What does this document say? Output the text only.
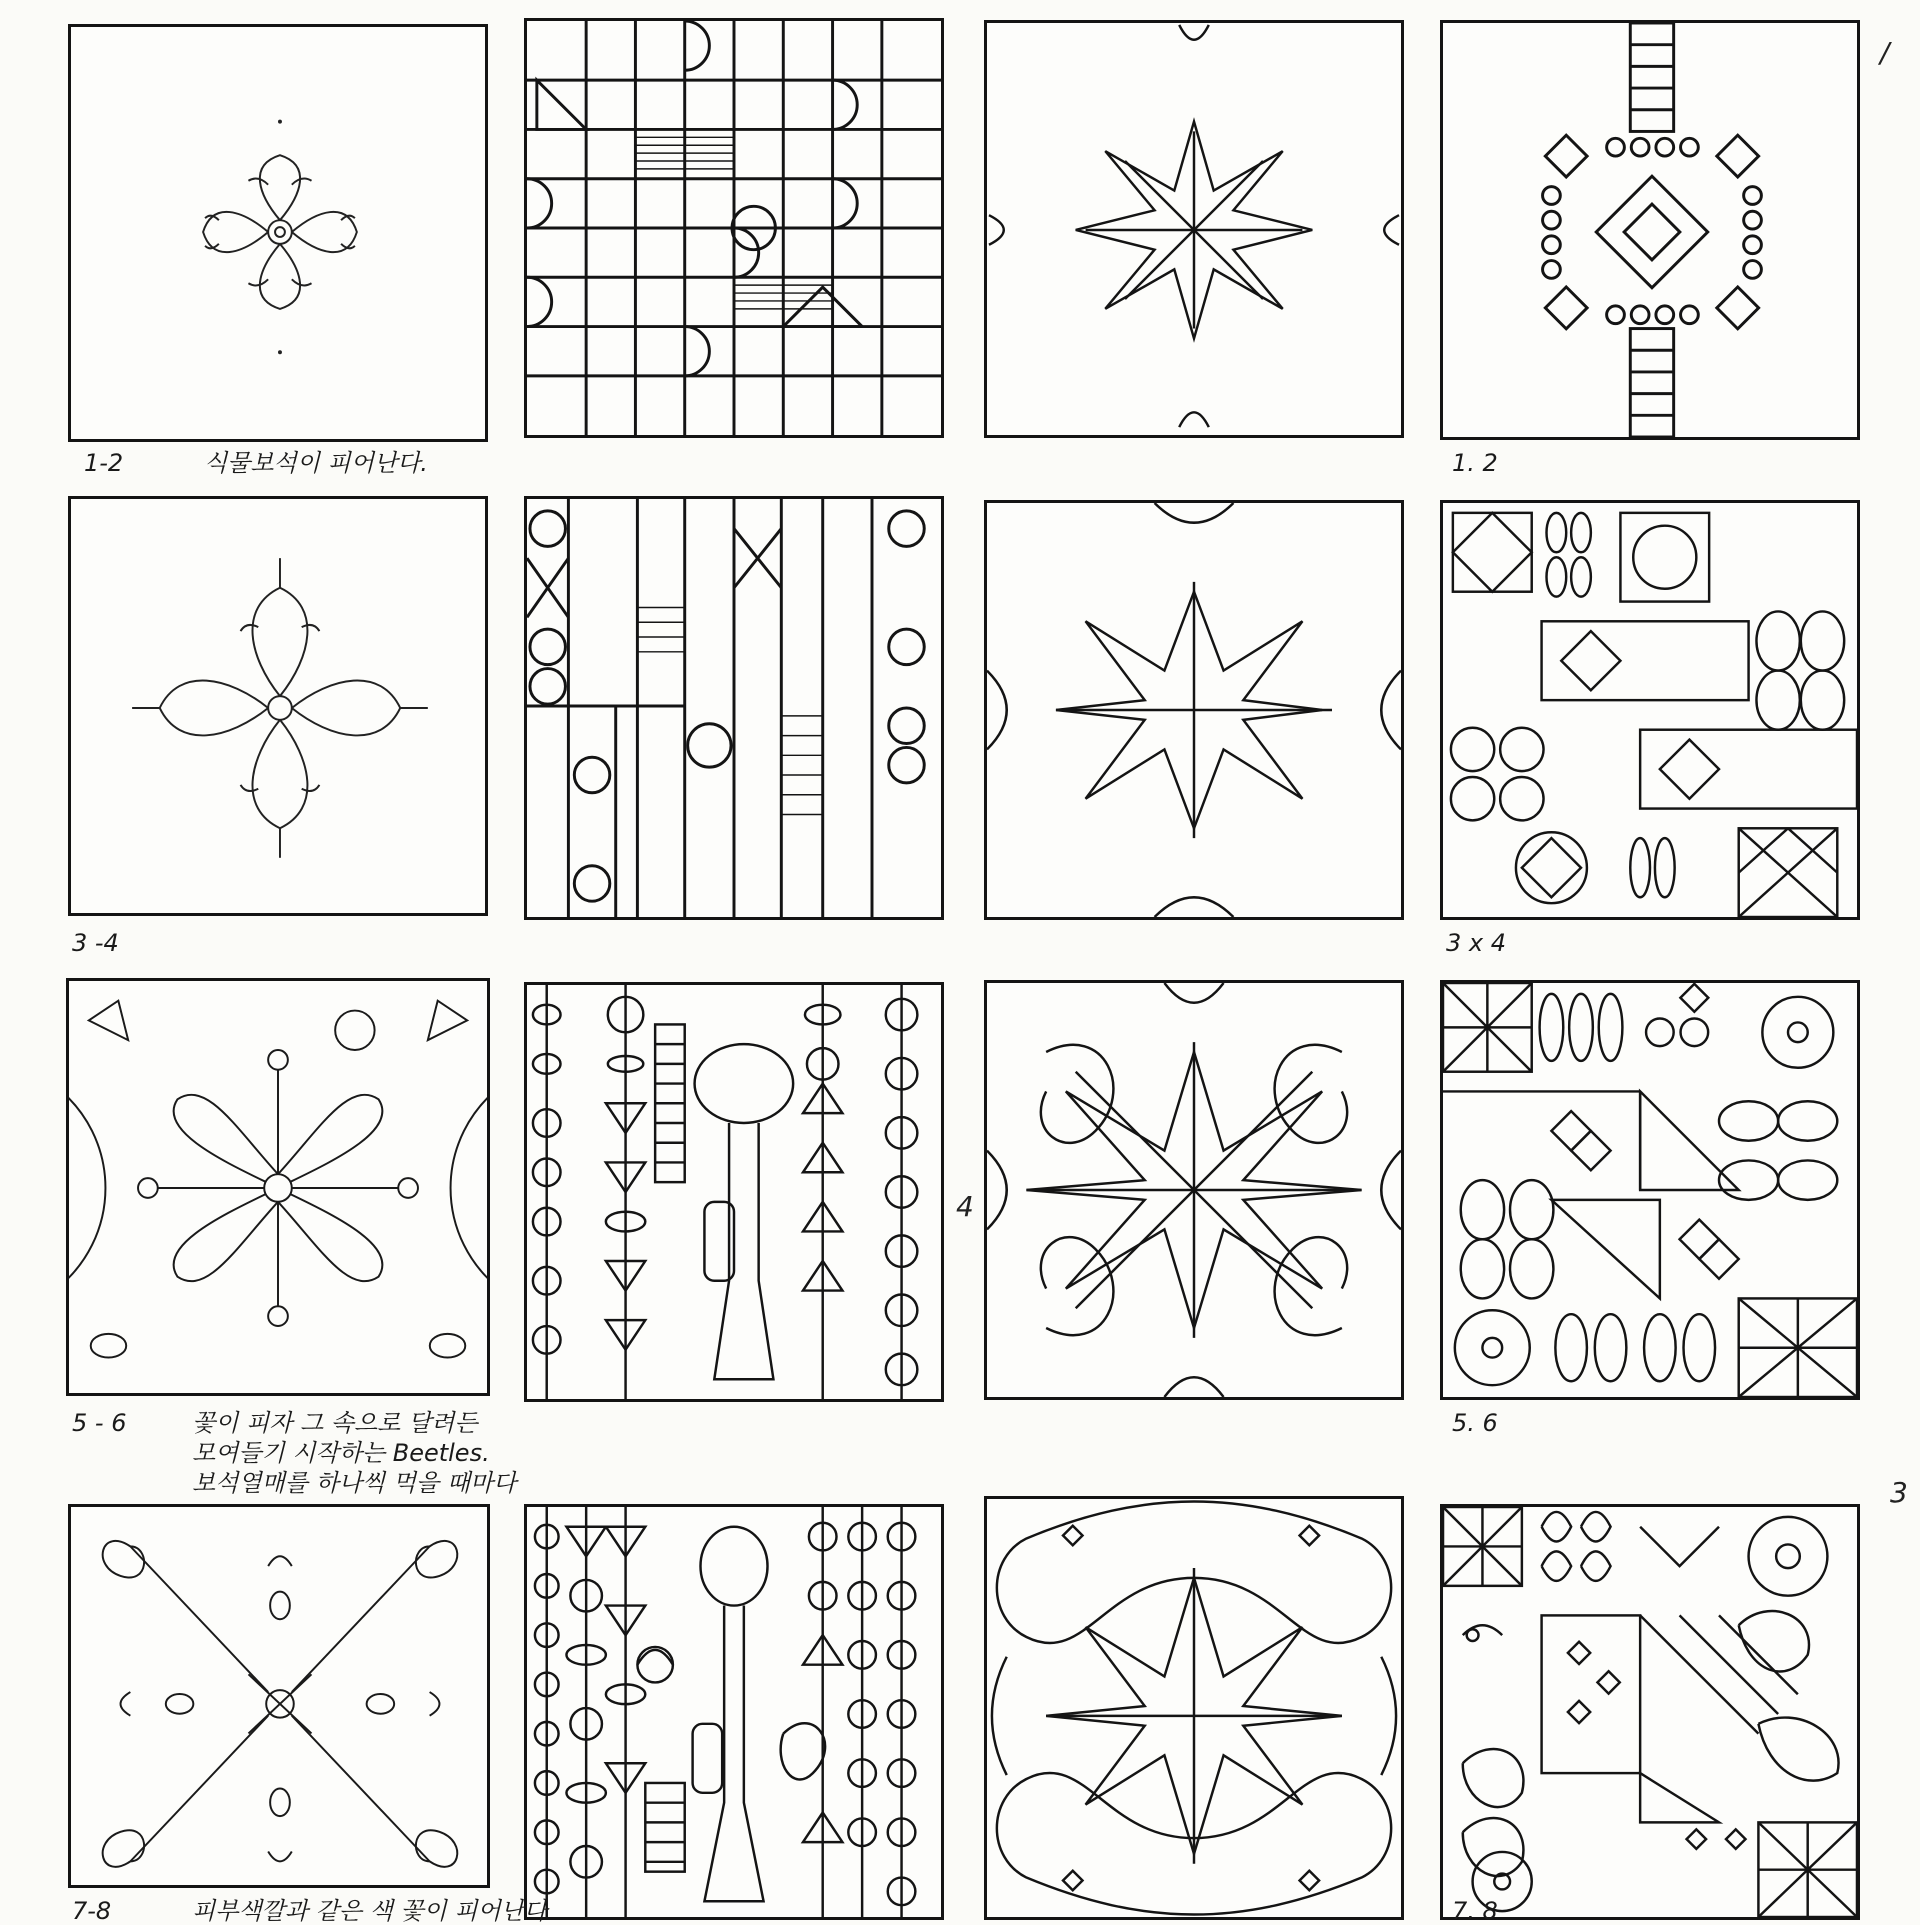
1-2	식물보석이 피어난다.	1. 2
3 -4	3 x 4
5 - 6	꽃이 피자 그 속으로 달려든
모여들기 시작하는 Beetles.
보석열매를 하나씩 먹을 때마다
5. 6
7-8	피부색깔과 같은 색 꽃이 피어난다	7. 8
/
3
4
